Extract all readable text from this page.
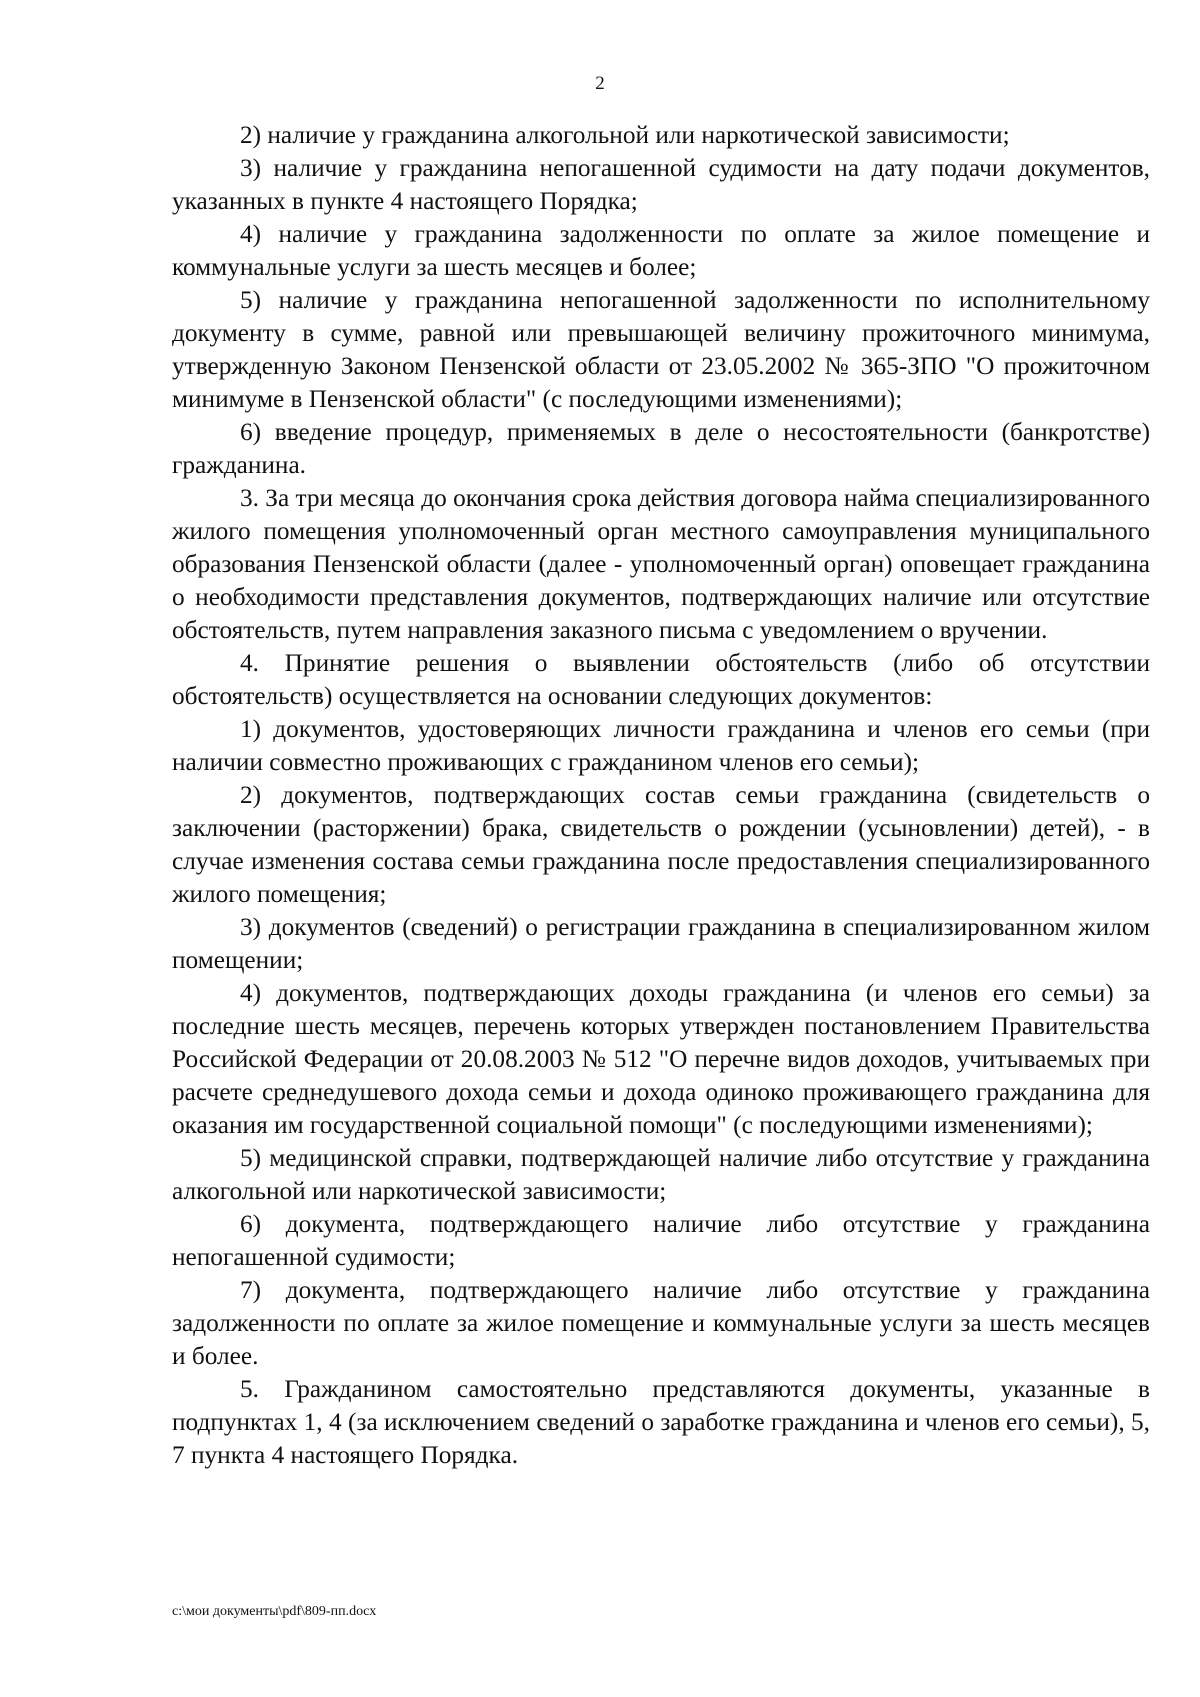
2

2) наличие у гражданина алкогольной или наркотической зависимости;

3) наличие у гражданина непогашенной судимости на дату подачи документов, указанных в пункте 4 настоящего Порядка;

4) наличие у гражданина задолженности по оплате за жилое помещение и коммунальные услуги за шесть месяцев и более;

5) наличие у гражданина непогашенной задолженности по исполнительному документу в сумме, равной или превышающей величину прожиточного минимума, утвержденную Законом Пензенской области от 23.05.2002 № 365-ЗПО "О прожиточном минимуме в Пензенской области" (с последующими изменениями);

6) введение процедур, применяемых в деле о несостоятельности (банкротстве) гражданина.

3. За три месяца до окончания срока действия договора найма специализированного жилого помещения уполномоченный орган местного самоуправления муниципального образования Пензенской области (далее - уполномоченный орган) оповещает гражданина о необходимости представления документов, подтверждающих наличие или отсутствие обстоятельств, путем направления заказного письма с уведомлением о вручении.

4. Принятие решения о выявлении обстоятельств (либо об отсутствии обстоятельств) осуществляется на основании следующих документов:

1) документов, удостоверяющих личности гражданина и членов его семьи (при наличии совместно проживающих с гражданином членов его семьи);

2) документов, подтверждающих состав семьи гражданина (свидетельств о заключении (расторжении) брака, свидетельств о рождении (усыновлении) детей), - в случае изменения состава семьи гражданина после предоставления специализированного жилого помещения;

3) документов (сведений) о регистрации гражданина в специализированном жилом помещении;

4) документов, подтверждающих доходы гражданина (и членов его семьи) за последние шесть месяцев, перечень которых утвержден постановлением Правительства Российской Федерации от 20.08.2003 № 512 "О перечне видов доходов, учитываемых при расчете среднедушевого дохода семьи и дохода одиноко проживающего гражданина для оказания им государственной социальной помощи" (с последующими изменениями);

5) медицинской справки, подтверждающей наличие либо отсутствие у гражданина алкогольной или наркотической зависимости;

6) документа, подтверждающего наличие либо отсутствие у гражданина непогашенной судимости;

7) документа, подтверждающего наличие либо отсутствие у гражданина задолженности по оплате за жилое помещение и коммунальные услуги за шесть месяцев и более.

5. Гражданином самостоятельно представляются документы, указанные в подпунктах 1, 4 (за исключением сведений о заработке гражданина и членов его семьи), 5, 7 пункта 4 настоящего Порядка.

c:\мои документы\pdf\809-пп.docx
